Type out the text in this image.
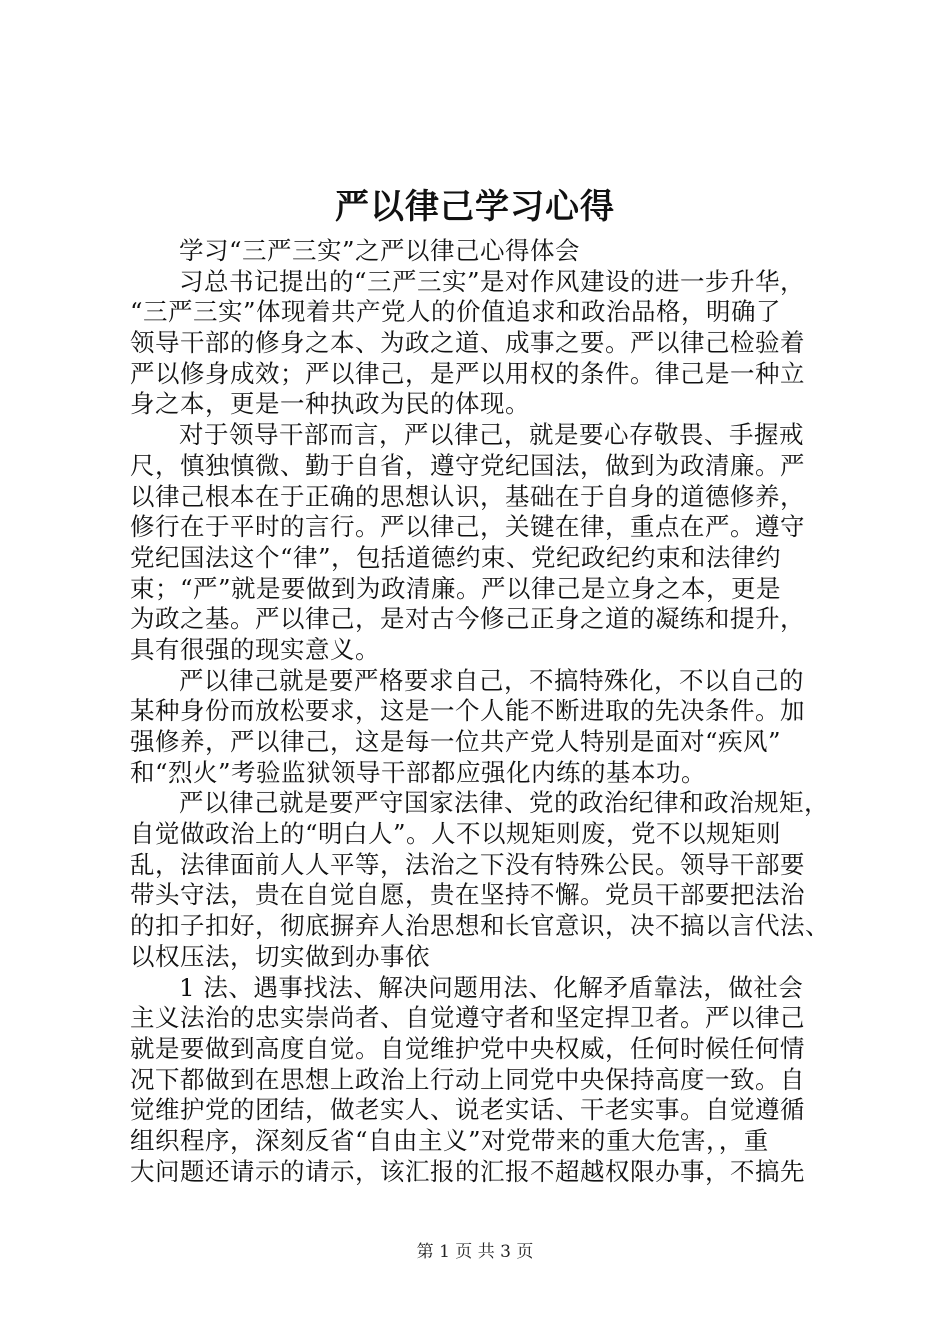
严以律己学习心得
学习“三严三实”之严以律己心得体会
习总书记提出的“三严三实”是对作风建设的进一步升华，
“三严三实”体现着共产党人的价值追求和政治品格，明确了
领导干部的修身之本、为政之道、成事之要。严以律己检验着
严以修身成效；严以律己，是严以用权的条件。律己是一种立
身之本，更是一种执政为民的体现。
对于领导干部而言，严以律己，就是要心存敬畏、手握戒
尺，慎独慎微、勤于自省，遵守党纪国法，做到为政清廉。严
以律己根本在于正确的思想认识，基础在于自身的道德修养，
修行在于平时的言行。严以律己，关键在律，重点在严。遵守
党纪国法这个“律”，包括道德约束、党纪政纪约束和法律约
束；“严”就是要做到为政清廉。严以律己是立身之本，更是
为政之基。严以律己，是对古今修己正身之道的凝练和提升，
具有很强的现实意义。
严以律己就是要严格要求自己，不搞特殊化，不以自己的
某种身份而放松要求，这是一个人能不断进取的先决条件。加
强修养，严以律己，这是每一位共产党人特别是面对“疾风”
和“烈火”考验监狱领导干部都应强化内练的基本功。
严以律己就是要严守国家法律、党的政治纪律和政治规矩，
自觉做政治上的“明白人”。人不以规矩则废，党不以规矩则
乱，法律面前人人平等，法治之下没有特殊公民。领导干部要
带头守法，贵在自觉自愿，贵在坚持不懈。党员干部要把法治
的扣子扣好，彻底摒弃人治思想和长官意识，决不搞以言代法、
以权压法，切实做到办事依
1 法、遇事找法、解决问题用法、化解矛盾靠法，做社会
主义法治的忠实崇尚者、自觉遵守者和坚定捍卫者。严以律己
就是要做到高度自觉。自觉维护党中央权威，任何时候任何情
况下都做到在思想上政治上行动上同党中央保持高度一致。自
觉维护党的团结，做老实人、说老实话、干老实事。自觉遵循
组织程序，深刻反省“自由主义”对党带来的重大危害，，重
大问题还请示的请示，该汇报的汇报不超越权限办事，不搞先
第 1 页 共 3 页
